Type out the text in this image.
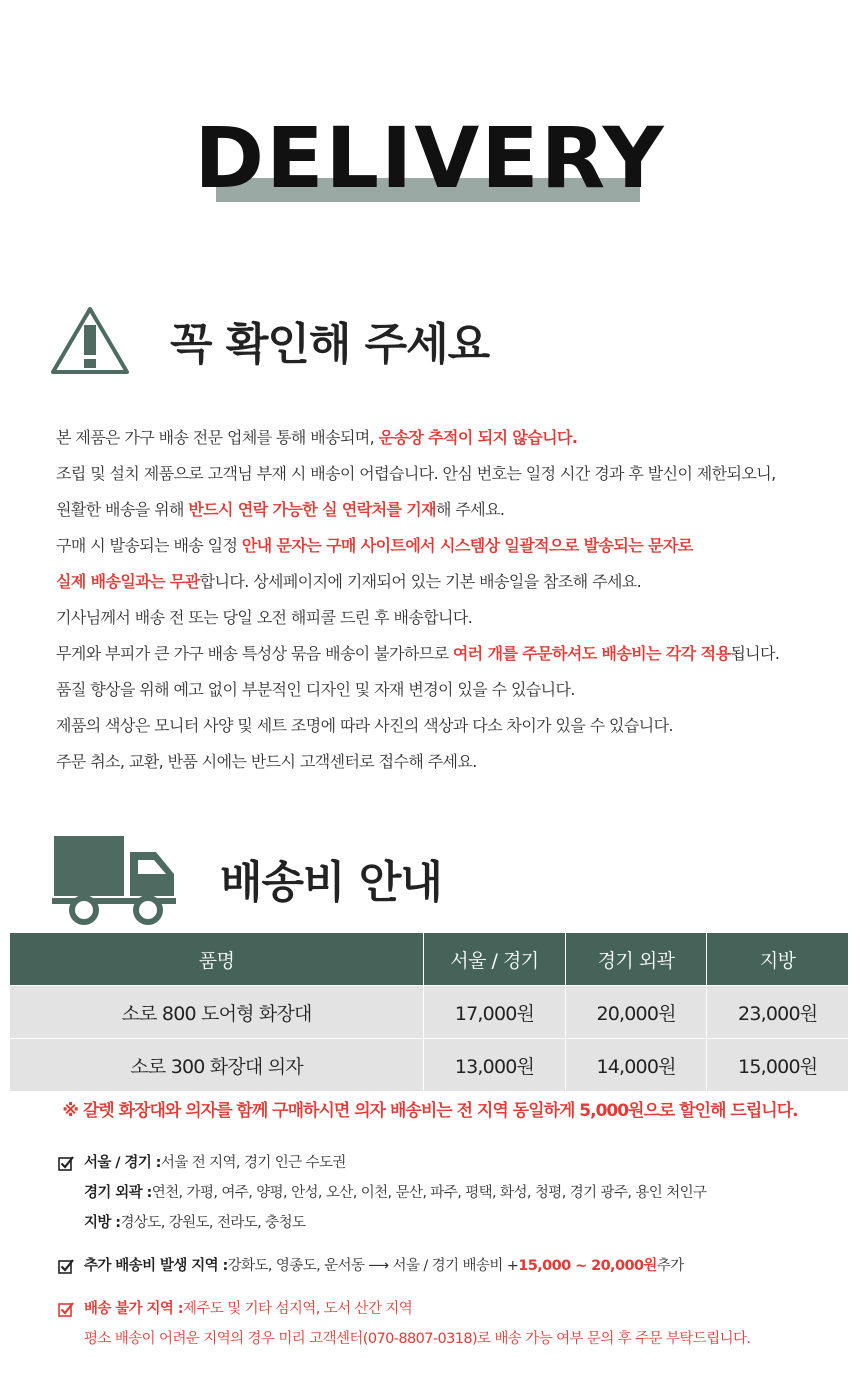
DELIVERY
꼭 확인해 주세요
본 제품은 가구 배송 전문 업체를 통해 배송되며, 운송장 추적이 되지 않습니다.
조립 및 설치 제품으로 고객님 부재 시 배송이 어렵습니다. 안심 번호는 일정 시간 경과 후 발신이 제한되오니,
원활한 배송을 위해 반드시 연락 가능한 실 연락처를 기재해 주세요.
구매 시 발송되는 배송 일정 안내 문자는 구매 사이트에서 시스템상 일괄적으로 발송되는 문자로
실제 배송일과는 무관합니다. 상세페이지에 기재되어 있는 기본 배송일을 참조해 주세요.
기사님께서 배송 전 또는 당일 오전 해피콜 드린 후 배송합니다.
무게와 부피가 큰 가구 배송 특성상 묶음 배송이 불가하므로 여러 개를 주문하셔도 배송비는 각각 적용됩니다.
품질 향상을 위해 예고 없이 부분적인 디자인 및 자재 변경이 있을 수 있습니다.
제품의 색상은 모니터 사양 및 세트 조명에 따라 사진의 색상과 다소 차이가 있을 수 있습니다.
주문 취소, 교환, 반품 시에는 반드시 고객센터로 접수해 주세요.
배송비 안내
품명	서울 / 경기	경기 외곽	지방
소로 800 도어형 화장대	17,000원	20,000원	23,000원
소로 300 화장대 의자	13,000원	14,000원	15,000원
※ 갈렛 화장대와 의자를 함께 구매하시면 의자 배송비는 전 지역 동일하게 5,000원으로 할인해 드립니다.
서울 / 경기 : 서울 전 지역, 경기 인근 수도권
경기 외곽 : 연천, 가평, 여주, 양평, 안성, 오산, 이천, 문산, 파주, 평택, 화성, 청평, 경기 광주, 용인 처인구
지방 : 경상도, 강원도, 전라도, 충청도
추가 배송비 발생 지역 : 강화도, 영종도, 운서동 ⟶ 서울 / 경기 배송비 + 15,000 ~ 20,000원 추가
배송 불가 지역 : 제주도 및 기타 섬지역, 도서 산간 지역
평소 배송이 어려운 지역의 경우 미리 고객센터(070-8807-0318)로 배송 가능 여부 문의 후 주문 부탁드립니다.
